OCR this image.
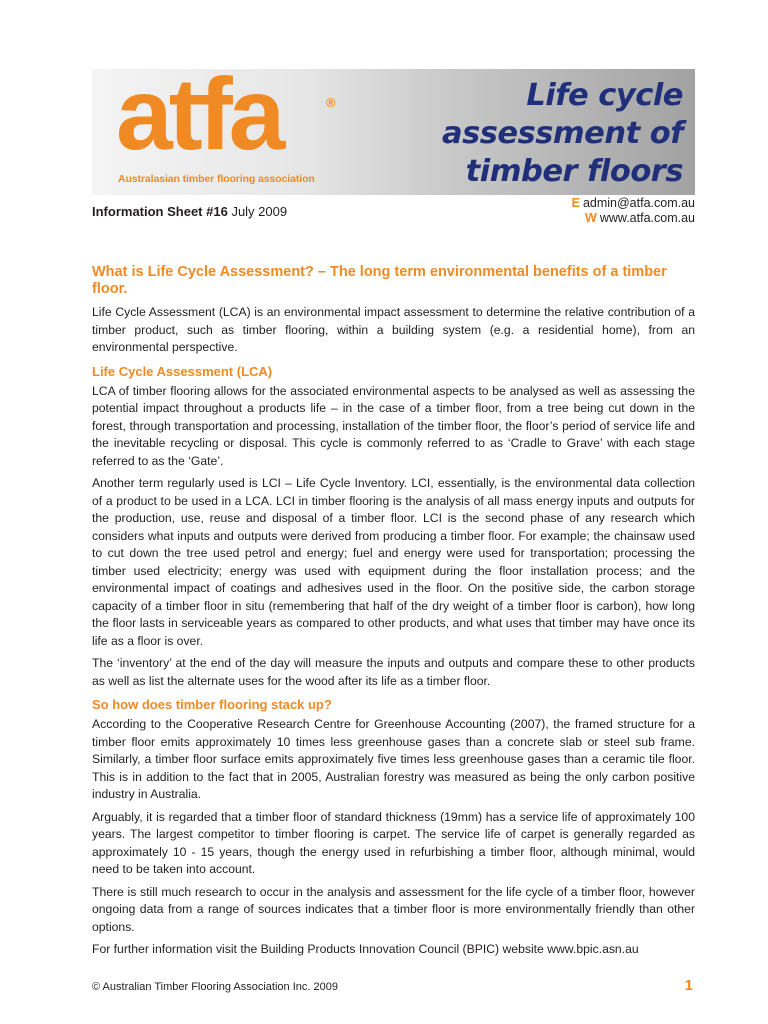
atfa	®
Australasian timber flooring association
Life cycle
assessment of
timber floors
Information Sheet #16 July 2009
E admin@atfa.com.au
W www.atfa.com.au
What is Life Cycle Assessment? – The long term environmental benefits of a timber floor.

Life Cycle Assessment (LCA) is an environmental impact assessment to determine the relative contribution of a timber product, such as timber flooring, within a building system (e.g. a residential home), from an environmental perspective.

Life Cycle Assessment (LCA)

LCA of timber flooring allows for the associated environmental aspects to be analysed as well as assessing the potential impact throughout a products life – in the case of a timber floor, from a tree being cut down in the forest, through transportation and processing, installation of the timber floor, the floor’s period of service life and the inevitable recycling or disposal. This cycle is commonly referred to as ‘Cradle to Grave’ with each stage referred to as the ‘Gate’.

Another term regularly used is LCI – Life Cycle Inventory. LCI, essentially, is the environmental data collection of a product to be used in a LCA. LCI in timber flooring is the analysis of all mass energy inputs and outputs for the production, use, reuse and disposal of a timber floor. LCI is the second phase of any research which considers what inputs and outputs were derived from producing a timber floor. For example; the chainsaw used to cut down the tree used petrol and energy; fuel and energy were used for transportation; processing the timber used electricity; energy was used with equipment during the floor installation process; and the environmental impact of coatings and adhesives used in the floor. On the positive side, the carbon storage capacity of a timber floor in situ (remembering that half of the dry weight of a timber floor is carbon), how long the floor lasts in serviceable years as compared to other products, and what uses that timber may have once its life as a floor is over.

The ‘inventory’ at the end of the day will measure the inputs and outputs and compare these to other products as well as list the alternate uses for the wood after its life as a timber floor.

So how does timber flooring stack up?

According to the Cooperative Research Centre for Greenhouse Accounting (2007), the framed structure for a timber floor emits approximately 10 times less greenhouse gases than a concrete slab or steel sub frame. Similarly, a timber floor surface emits approximately five times less greenhouse gases than a ceramic tile floor. This is in addition to the fact that in 2005, Australian forestry was measured as being the only carbon positive industry in Australia.

Arguably, it is regarded that a timber floor of standard thickness (19mm) has a service life of approximately 100 years. The largest competitor to timber flooring is carpet. The service life of carpet is generally regarded as approximately 10 - 15 years, though the energy used in refurbishing a timber floor, although minimal, would need to be taken into account.

There is still much research to occur in the analysis and assessment for the life cycle of a timber floor, however ongoing data from a range of sources indicates that a timber floor is more environmentally friendly than other options.

For further information visit the Building Products Innovation Council (BPIC) website www.bpic.asn.au

© Australian Timber Flooring Association Inc. 2009	1
